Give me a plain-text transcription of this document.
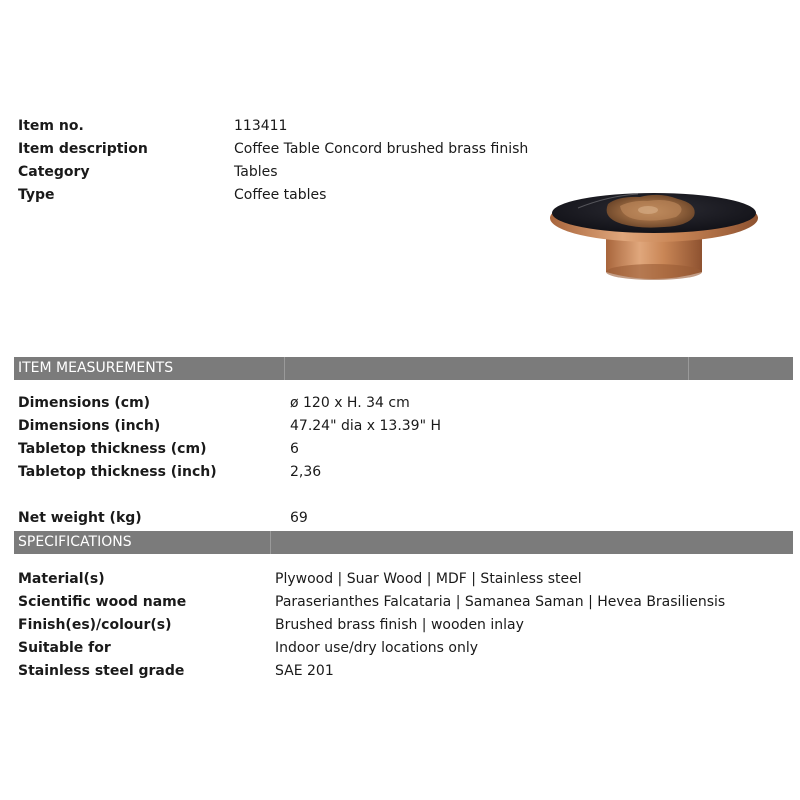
Item no.	113411
Item description	Coffee Table Concord brushed brass finish
Category	Tables
Type	Coffee tables
ITEM MEASUREMENTS
Dimensions (cm)	ø 120 x H. 34 cm
Dimensions (inch)	47.24" dia x 13.39" H
Tabletop thickness (cm)	6
Tabletop thickness (inch)	2,36
Net weight (kg)	69
SPECIFICATIONS
Material(s)	Plywood | Suar Wood | MDF | Stainless steel
Scientific wood name	Paraserianthes Falcataria | Samanea Saman | Hevea Brasiliensis
Finish(es)/colour(s)	Brushed brass finish | wooden inlay
Suitable for	Indoor use/dry locations only
Stainless steel grade	SAE 201
